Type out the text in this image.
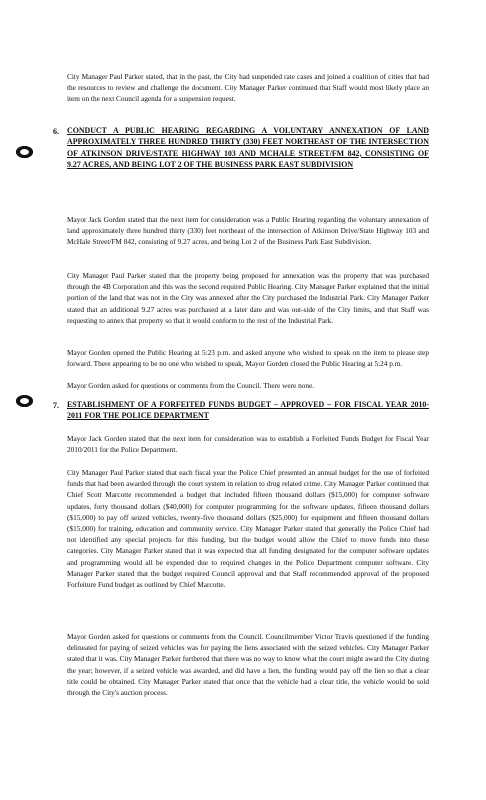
City Manager Paul Parker stated, that in the past, the City had suspended rate cases and joined a coalition of cities that had the resources to review and challenge the document. City Manager Parker continued that Staff would most likely place an item on the next Council agenda for a suspension request.

6. CONDUCT A PUBLIC HEARING REGARDING A VOLUNTARY ANNEXATION OF LAND APPROXIMATELY THREE HUNDRED THIRTY (330) FEET NORTHEAST OF THE INTERSECTION OF ATKINSON DRIVE/STATE HIGHWAY 103 AND MCHALE STREET/FM 842, CONSISTING OF 9.27 ACRES, AND BEING LOT 2 OF THE BUSINESS PARK EAST SUBDIVISION

Mayor Jack Gorden stated that the next item for consideration was a Public Hearing regarding the voluntary annexation of land approximately three hundred thirty (330) feet northeast of the intersection of Atkinson Drive/State Highway 103 and McHale Street/FM 842, consisting of 9.27 acres, and being Lot 2 of the Business Park East Subdivision.

City Manager Paul Parker stated that the property being proposed for annexation was the property that was purchased through the 4B Corporation and this was the second required Public Hearing. City Manager Parker explained that the initial portion of the land that was not in the City was annexed after the City purchased the Industrial Park. City Manager Parker stated that an additional 9.27 acres was purchased at a later date and was out-side of the City limits, and that Staff was requesting to annex that property so that it would conform to the rest of the Industrial Park.

Mayor Gorden opened the Public Hearing at 5:23 p.m. and asked anyone who wished to speak on the item to please step forward. There appearing to be no one who wished to speak, Mayor Gorden closed the Public Hearing at 5:24 p.m.

Mayor Gorden asked for questions or comments from the Council. There were none.

7. ESTABLISHMENT OF A FORFEITED FUNDS BUDGET – APPROVED – FOR FISCAL YEAR 2010-2011 FOR THE POLICE DEPARTMENT

Mayor Jack Gorden stated that the next item for consideration was to establish a Forfeited Funds Budget for Fiscal Year 2010/2011 for the Police Department.

City Manager Paul Parker stated that each fiscal year the Police Chief presented an annual budget for the use of forfeited funds that had been awarded through the court system in relation to drug related crime. City Manager Parker continued that Chief Scott Marcotte recommended a budget that included fifteen thousand dollars ($15,000) for computer software updates, forty thousand dollars ($40,000) for computer programming for the software updates, fifteen thousand dollars ($15,000) to pay off seized vehicles, twenty-five thousand dollars ($25,000) for equipment and fifteen thousand dollars ($15,000) for training, education and community service. City Manager Parker stated that generally the Police Chief had not identified any special projects for this funding, but the budget would allow the Chief to move funds into these categories. City Manager Parker stated that it was expected that all funding designated for the computer software updates and programming would all be expended due to required changes in the Police Department computer software. City Manager Parker stated that the budget required Council approval and that Staff recommended approval of the proposed Forfeiture Fund budget as outlined by Chief Marcotte.

Mayor Gorden asked for questions or comments from the Council. Councilmember Victor Travis questioned if the funding delineated for paying of seized vehicles was for paying the liens associated with the seized vehicles. City Manager Parker stated that it was. City Manager Parker furthered that there was no way to know what the court might award the City during the year; however, if a seized vehicle was awarded, and did have a lien, the funding would pay off the lien so that a clear title could be obtained. City Manager Parker stated that once that the vehicle had a clear title, the vehicle would be sold through the City's auction process.
